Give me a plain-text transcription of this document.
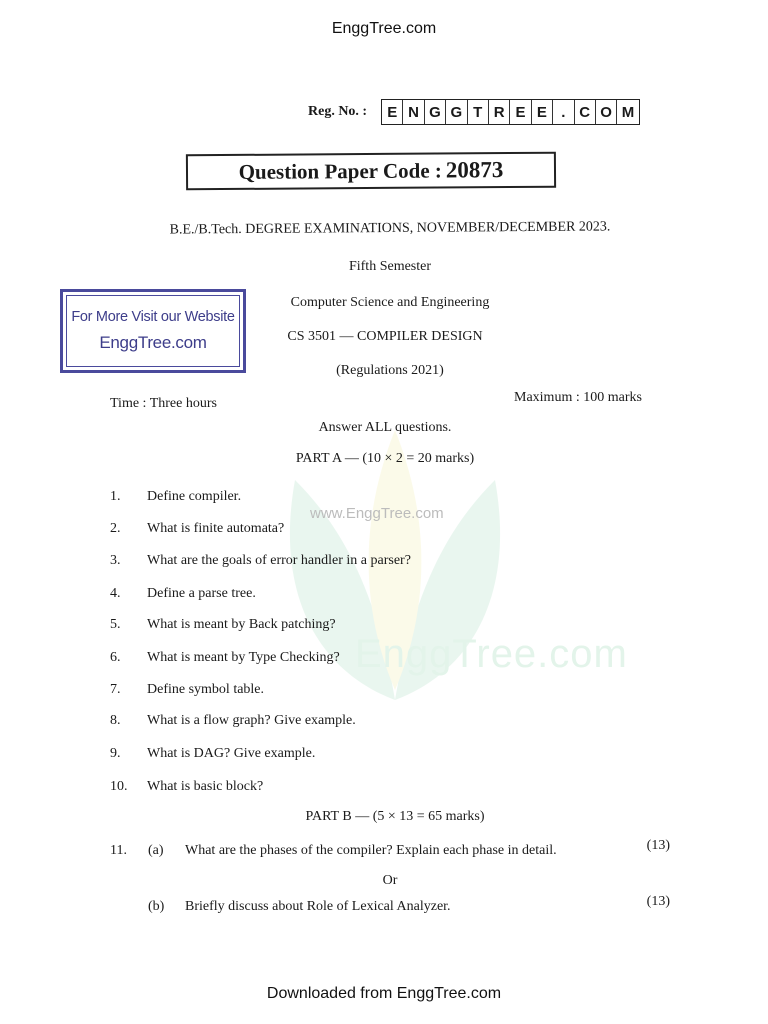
EnggTree.com
Reg. No. :	E N G G T R E E . C O M
Question Paper Code : 20873
B.E./B.Tech. DEGREE EXAMINATIONS, NOVEMBER/DECEMBER 2023.
Fifth Semester
Computer Science and Engineering
CS 3501 — COMPILER DESIGN
(Regulations 2021)
For More Visit our Website
EnggTree.com
Time : Three hours	Maximum : 100 marks
www.EnggTree.com
EnggTree.com
Answer ALL questions.
PART A — (10 × 2 = 20 marks)
1.	Define compiler.
2.	What is finite automata?
3.	What are the goals of error handler in a parser?
4.	Define a parse tree.
5.	What is meant by Back patching?
6.	What is meant by Type Checking?
7.	Define symbol table.
8.	What is a flow graph? Give example.
9.	What is DAG? Give example.
10.	What is basic block?
PART B — (5 × 13 = 65 marks)
11. (a) What are the phases of the compiler? Explain each phase in detail.	(13)
Or
(b) Briefly discuss about Role of Lexical Analyzer.	(13)
Downloaded from EnggTree.com
